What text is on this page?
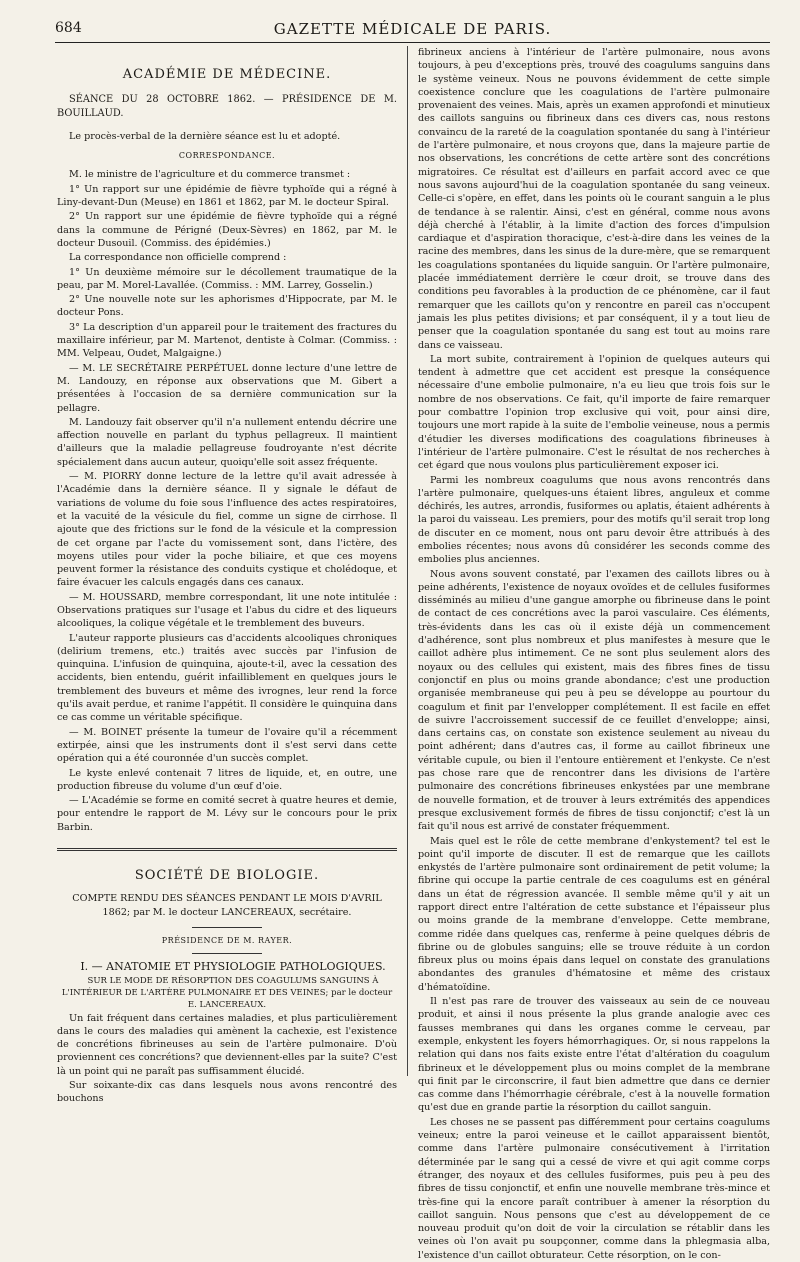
684	GAZETTE MÉDICALE DE PARIS.
ACADÉMIE DE MÉDECINE.
SÉANCE DU 28 OCTOBRE 1862. — PRÉSIDENCE DE M. BOUILLAUD.

Le procès-verbal de la dernière séance est lu et adopté.

CORRESPONDANCE.

M. le ministre de l'agriculture et du commerce transmet :

1° Un rapport sur une épidémie de fièvre typhoïde qui a régné à Liny-devant-Dun (Meuse) en 1861 et 1862, par M. le docteur Spiral.

2° Un rapport sur une épidémie de fièvre typhoïde qui a régné dans la commune de Périgné (Deux-Sèvres) en 1862, par M. le docteur Dusouil. (Commiss. des épidémies.)

La correspondance non officielle comprend :

1° Un deuxième mémoire sur le décollement traumatique de la peau, par M. Morel-Lavallée. (Commiss. : MM. Larrey, Gosselin.)

2° Une nouvelle note sur les aphorismes d'Hippocrate, par M. le docteur Pons.

3° La description d'un appareil pour le traitement des fractures du maxillaire inférieur, par M. Martenot, dentiste à Colmar. (Commiss. : MM. Velpeau, Oudet, Malgaigne.)

— M. LE SECRÉTAIRE PERPÉTUEL donne lecture d'une lettre de M. Landouzy, en réponse aux observations que M. Gibert a présentées à l'occasion de sa dernière communication sur la pellagre.

M. Landouzy fait observer qu'il n'a nullement entendu décrire une affection nouvelle en parlant du typhus pellagreux. Il maintient d'ailleurs que la maladie pellagreuse foudroyante n'est décrite spécialement dans aucun auteur, quoiqu'elle soit assez fréquente.

— M. PIORRY donne lecture de la lettre qu'il avait adressée à l'Académie dans la dernière séance. Il y signale le défaut de variations de volume du foie sous l'influence des actes respiratoires, et la vacuité de la vésicule du fiel, comme un signe de cirrhose. Il ajoute que des frictions sur le fond de la vésicule et la compression de cet organe par l'acte du vomissement sont, dans l'ictère, des moyens utiles pour vider la poche biliaire, et que ces moyens peuvent former la résistance des conduits cystique et cholédoque, et faire évacuer les calculs engagés dans ces canaux.

— M. HOUSSARD, membre correspondant, lit une note intitulée : Observations pratiques sur l'usage et l'abus du cidre et des liqueurs alcooliques, la colique végétale et le tremblement des buveurs.

L'auteur rapporte plusieurs cas d'accidents alcooliques chroniques (delirium tremens, etc.) traités avec succès par l'infusion de quinquina. L'infusion de quinquina, ajoute-t-il, avec la cessation des accidents, bien entendu, guérit infailliblement en quelques jours le tremblement des buveurs et même des ivrognes, leur rend la force qu'ils avait perdue, et ranime l'appétit. Il considère le quinquina dans ce cas comme un véritable spécifique.

— M. BOINET présente la tumeur de l'ovaire qu'il a récemment extirpée, ainsi que les instruments dont il s'est servi dans cette opération qui a été couronnée d'un succès complet.

Le kyste enlevé contenait 7 litres de liquide, et, en outre, une production fibreuse du volume d'un œuf d'oie.

— L'Académie se forme en comité secret à quatre heures et demie, pour entendre le rapport de M. Lévy sur le concours pour le prix Barbin.

SOCIÉTÉ DE BIOLOGIE.
COMPTE RENDU DES SÉANCES PENDANT LE MOIS D'AVRIL 1862; par M. le docteur LANCEREAUX, secrétaire.

PRÉSIDENCE DE M. RAYER.

I. — ANATOMIE ET PHYSIOLOGIE PATHOLOGIQUES.

SUR LE MODE DE RÉSORPTION DES COAGULUMS SANGUINS À L'INTÉRIEUR DE L'ARTÈRE PULMONAIRE ET DES VEINES; par le docteur E. LANCEREAUX.

Un fait fréquent dans certaines maladies, et plus particulièrement dans le cours des maladies qui amènent la cachexie, est l'existence de concrétions fibrineuses au sein de l'artère pulmonaire. D'où proviennent ces concrétions? que deviennent-elles par la suite? C'est là un point qui ne paraît pas suffisamment élucidé.

Sur soixante-dix cas dans lesquels nous avons rencontré des bouchons

fibrineux anciens à l'intérieur de l'artère pulmonaire, nous avons toujours, à peu d'exceptions près, trouvé des coagulums sanguins dans le système veineux. Nous ne pouvons évidemment de cette simple coexistence conclure que les coagulations de l'artère pulmonaire provenaient des veines. Mais, après un examen approfondi et minutieux des caillots sanguins ou fibrineux dans ces divers cas, nous restons convaincu de la rareté de la coagulation spontanée du sang à l'intérieur de l'artère pulmonaire, et nous croyons que, dans la majeure partie de nos observations, les concrétions de cette artère sont des concrétions migratoires. Ce résultat est d'ailleurs en parfait accord avec ce que nous savons aujourd'hui de la coagulation spontanée du sang veineux. Celle-ci s'opère, en effet, dans les points où le courant sanguin a le plus de tendance à se ralentir. Ainsi, c'est en général, comme nous avons déjà cherché à l'établir, à la limite d'action des forces d'impulsion cardiaque et d'aspiration thoracique, c'est-à-dire dans les veines de la racine des membres, dans les sinus de la dure-mère, que se remarquent les coagulations spontanées du liquide sanguin. Or l'artère pulmonaire, placée immédiatement derrière le cœur droit, se trouve dans des conditions peu favorables à la production de ce phénomène, car il faut remarquer que les caillots qu'on y rencontre en pareil cas n'occupent jamais les plus petites divisions; et par conséquent, il y a tout lieu de penser que la coagulation spontanée du sang est tout au moins rare dans ce vaisseau.

La mort subite, contrairement à l'opinion de quelques auteurs qui tendent à admettre que cet accident est presque la conséquence nécessaire d'une embolie pulmonaire, n'a eu lieu que trois fois sur le nombre de nos observations. Ce fait, qu'il importe de faire remarquer pour combattre l'opinion trop exclusive qui voit, pour ainsi dire, toujours une mort rapide à la suite de l'embolie veineuse, nous a permis d'étudier les diverses modifications des coagulations fibrineuses à l'intérieur de l'artère pulmonaire. C'est le résultat de nos recherches à cet égard que nous voulons plus particulièrement exposer ici.

Parmi les nombreux coagulums que nous avons rencontrés dans l'artère pulmonaire, quelques-uns étaient libres, anguleux et comme déchirés, les autres, arrondis, fusiformes ou aplatis, étaient adhérents à la paroi du vaisseau. Les premiers, pour des motifs qu'il serait trop long de discuter en ce moment, nous ont paru devoir être attribués à des embolies récentes; nous avons dû considérer les seconds comme des embolies plus anciennes.

Nous avons souvent constaté, par l'examen des caillots libres ou à peine adhérents, l'existence de noyaux ovoïdes et de cellules fusiformes disséminés au milieu d'une gangue amorphe ou fibrineuse dans le point de contact de ces concrétions avec la paroi vasculaire. Ces éléments, très-évidents dans les cas où il existe déjà un commencement d'adhérence, sont plus nombreux et plus manifestes à mesure que le caillot adhère plus intimement. Ce ne sont plus seulement alors des noyaux ou des cellules qui existent, mais des fibres fines de tissu conjonctif en plus ou moins grande abondance; c'est une production organisée membraneuse qui peu à peu se développe au pourtour du coagulum et finit par l'envelopper complétement. Il est facile en effet de suivre l'accroissement successif de ce feuillet d'enveloppe; ainsi, dans certains cas, on constate son existence seulement au niveau du point adhérent; dans d'autres cas, il forme au caillot fibrineux une véritable cupule, ou bien il l'entoure entièrement et l'enkyste. Ce n'est pas chose rare que de rencontrer dans les divisions de l'artère pulmonaire des concrétions fibrineuses enkystées par une membrane de nouvelle formation, et de trouver à leurs extrémités des appendices presque exclusivement formés de fibres de tissu conjonctif; c'est là un fait qu'il nous est arrivé de constater fréquemment.

Mais quel est le rôle de cette membrane d'enkystement? tel est le point qu'il importe de discuter. Il est de remarque que les caillots enkystés de l'artère pulmonaire sont ordinairement de petit volume; la fibrine qui occupe la partie centrale de ces coagulums est en général dans un état de régression avancée. Il semble même qu'il y ait un rapport direct entre l'altération de cette substance et l'épaisseur plus ou moins grande de la membrane d'enveloppe. Cette membrane, comme ridée dans quelques cas, renferme à peine quelques débris de fibrine ou de globules sanguins; elle se trouve réduite à un cordon fibreux plus ou moins épais dans lequel on constate des granulations abondantes des granules d'hématosine et même des cristaux d'hématoïdine.

Il n'est pas rare de trouver des vaisseaux au sein de ce nouveau produit, et ainsi il nous présente la plus grande analogie avec ces fausses membranes qui dans les organes comme le cerveau, par exemple, enkystent les foyers hémorrhagiques. Or, si nous rappelons la relation qui dans nos faits existe entre l'état d'altération du coagulum fibrineux et le développement plus ou moins complet de la membrane qui finit par le circonscrire, il faut bien admettre que dans ce dernier cas comme dans l'hémorrhagie cérébrale, c'est à la nouvelle formation qu'est due en grande partie la résorption du caillot sanguin.

Les choses ne se passent pas différemment pour certains coagulums veineux; entre la paroi veineuse et le caillot apparaissent bientôt, comme dans l'artère pulmonaire consécutivement à l'irritation déterminée par le sang qui a cessé de vivre et qui agit comme corps étranger, des noyaux et des cellules fusiformes, puis peu à peu des fibres de tissu conjonctif, et enfin une nouvelle membrane très-mince et très-fine qui la encore paraît contribuer à amener la résorption du caillot sanguin. Nous pensons que c'est au développement de ce nouveau produit qu'on doit de voir la circulation se rétablir dans les veines où l'on avait pu soupçonner, comme dans la phlegmasia alba, l'existence d'un caillot obturateur. Cette résorption, on le con-
